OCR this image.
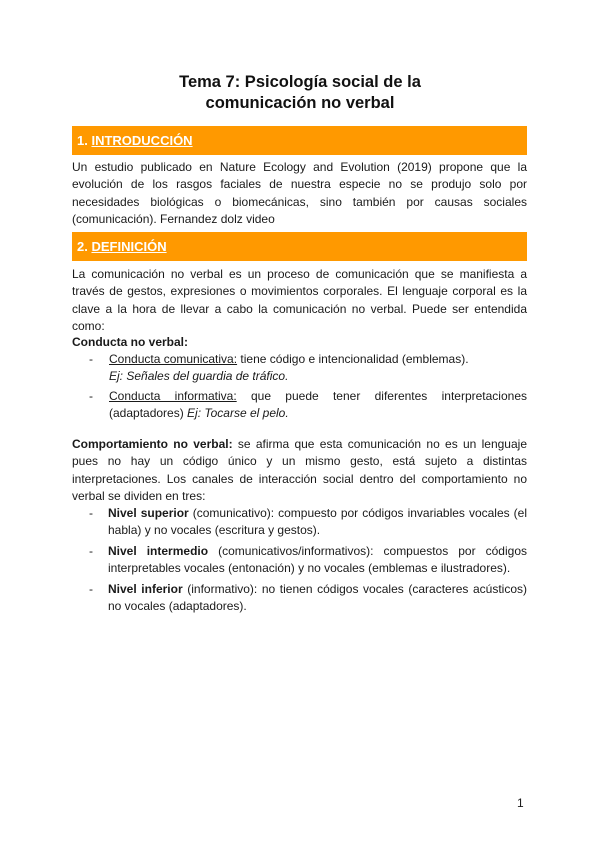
Tema 7: Psicología social de la
comunicación no verbal
1. INTRODUCCIÓN
Un estudio publicado en Nature Ecology and Evolution (2019) propone que la evolución de los rasgos faciales de nuestra especie no se produjo solo por necesidades biológicas o biomecánicas, sino también por causas sociales (comunicación). Fernandez dolz video
2. DEFINICIÓN
La comunicación no verbal es un proceso de comunicación que se manifiesta a través de gestos, expresiones o movimientos corporales. El lenguaje corporal es la clave a la hora de llevar a cabo la comunicación no verbal. Puede ser entendida como:
Conducta no verbal:
- Conducta comunicativa: tiene código e intencionalidad (emblemas).
Ej: Señales del guardia de tráfico.
- Conducta informativa: que puede tener diferentes interpretaciones (adaptadores) Ej: Tocarse el pelo.
Comportamiento no verbal: se afirma que esta comunicación no es un lenguaje pues no hay un código único y un mismo gesto, está sujeto a distintas interpretaciones. Los canales de interacción social dentro del comportamiento no verbal se dividen en tres:
- Nivel superior (comunicativo): compuesto por códigos invariables vocales (el habla) y no vocales (escritura y gestos).
- Nivel intermedio (comunicativos/informativos): compuestos por códigos interpretables vocales (entonación) y no vocales (emblemas e ilustradores).
- Nivel inferior (informativo): no tienen códigos vocales (caracteres acústicos) no vocales (adaptadores).
1
